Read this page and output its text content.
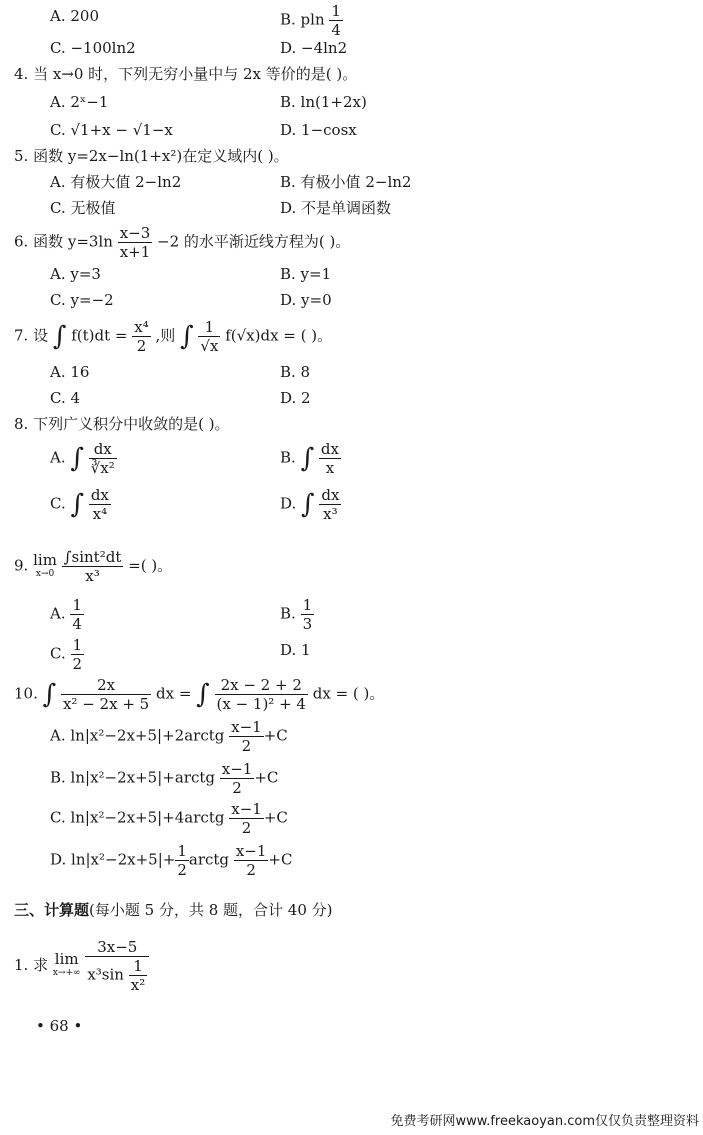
A. 200	B. pln $\frac{1}{4}$
C. −100ln2	D. −4ln2
4. 当 x→0 时，下列无穷小量中与 2x 等价的是( )。
A. 2ˣ−1	B. ln(1+2x)
C. √1+x − √1−x	D. 1−cosx
5. 函数 y=2x−ln(1+x²)在定义域内( )。
A. 有极大值 2−ln2	B. 有极小值 2−ln2
C. 无极值	D. 不是单调函数
6. 函数 $y=3\ln \frac{x-3}{x+1} -2$ 的水平渐近线方程为( )。
A. y=3	B. y=1
C. y=−2	D. y=0
7. 设 ∫ $f(t)dt = \frac{\text{x⁴}}{2}$ ,则 ∫ $\frac{1}{√x} f(√x)dx$ = ( )。
A. 16	B. 8
C. 4	D. 2
8. 下列广义积分中收敛的是( )。
A. ∫ $\frac{dx}{\text{∛x²}}$	B. ∫ $\frac{dx}{x}$
C. ∫ $\frac{dx}{\text{x⁴}}$	D. ∫ $\frac{dx}{\text{x³}}$
9. lim
x→0
$\frac{\text{∫sint²dt}}{\text{x³}}$ =( )。
A. $\frac{1}{4}$	B. $\frac{1}{3}$
C. $\frac{1}{2}$	D. 1
10. ∫ $\frac{2x}{\text{x² − 2x + 5}}$ dx = ∫ $\frac{2x - 2 + 2}{\text{(x − 1)² + 4}}$ dx = ( )。
A. ln|x²−2x+5|+2arctg $\frac{x-1}{2} +C$
B. ln|x²−2x+5|+arctg $\frac{x-1}{2} +C$
C. ln|x²−2x+5|+4arctg $\frac{x-1}{2} +C$
D. $\ln|x^2-2x+5|+ \frac{1}{2}$ arctg $\frac{x-1}{2} +C$
三、计算题(每小题 5 分，共 8 题，合计 40 分)
1. 求 lim
x→+∞
$\frac{3x-5}{x^3\sin \frac{1}{\text{x²}}}$
• 68 •
免费考研网www.freekaoyan.com仅仅负责整理资料
